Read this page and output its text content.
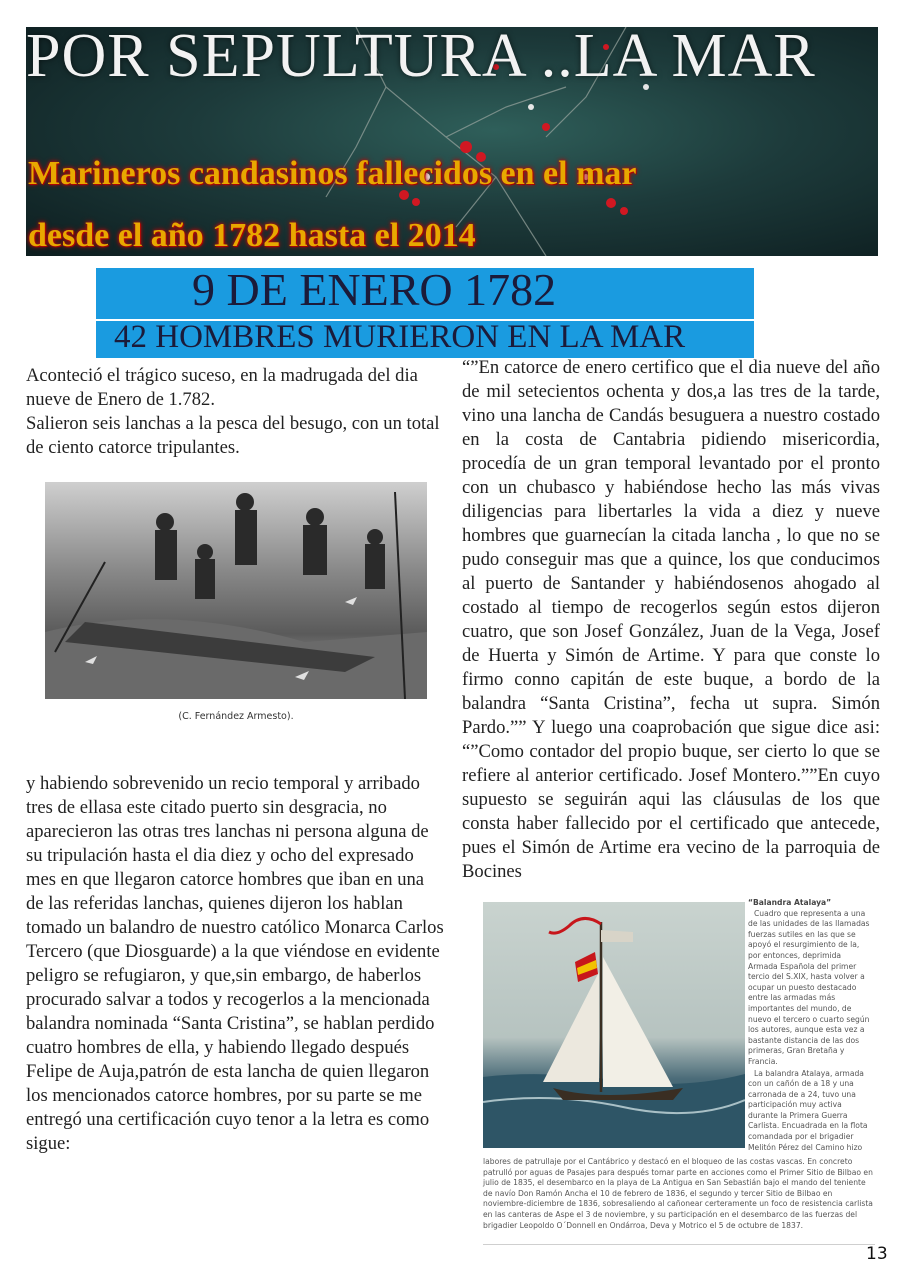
POR SEPULTURA ..LA MAR
Marineros candasinos fallecidos en el mar
desde el año 1782 hasta el 2014
9 DE ENERO 1782
42 HOMBRES MURIERON EN LA MAR

Aconteció el trágico suceso, en la madrugada del dia nueve de Enero de 1.782.

Salieron seis lanchas a la pesca del besugo, con un total de ciento catorce tripulantes.

(C. Fernández Armesto).

y habiendo sobrevenido un recio temporal y arribado tres de ellasa este citado puerto sin desgracia, no aparecieron las otras tres lanchas ni persona alguna de su tripulación hasta el dia diez y ocho del expresado mes en que llegaron catorce hombres que iban en una de las referidas lanchas, quienes dijeron los hablan tomado un balandro de nuestro católico Monarca Carlos Tercero (que Diosguarde) a la que viéndose en evidente peligro se refugiaron, y que,sin embargo, de haberlos procurado salvar a todos y recogerlos a la mencionada balandra nominada “Santa Cristina”, se hablan perdido cuatro hombres de ella, y habiendo llegado después Felipe de Auja,patrón de esta lancha de quien llegaron los mencionados catorce hombres, por su parte se me entregó una certificación cuyo tenor a la letra es como sigue:

“”En catorce de enero certifico que el dia nueve del año de mil setecientos ochenta y dos,a las tres de la tarde, vino una lancha de Candás besuguera a nuestro costado en la costa de Cantabria pidiendo misericordia, procedía de un gran temporal levantado por el pronto con un chubasco y habiéndose hecho las más vivas diligencias para libertarles la vida a diez y nueve hombres que guarnecían la citada lancha , lo que no se pudo conseguir mas que a quince, los que conducimos al puerto de Santander y habiéndosenos ahogado al costado al tiempo de recogerlos según estos dijeron cuatro, que son Josef González, Juan de la Vega, Josef de Huerta y Simón de Artime. Y para que conste lo firmo conno capitán de este buque, a bordo de la balandra “Santa Cristina”, fecha ut supra. Simón Pardo.”” Y luego una coaprobación que sigue dice asi: “”Como contador del propio buque, ser cierto lo que se refiere al anterior certificado. Josef Montero.””En cuyo supuesto se seguirán aqui las cláusulas de los que consta haber fallecido por el certificado que antecede, pues el Simón de Artime era vecino de la parroquia de Bocines

“Balandra Atalaya”

Cuadro que representa a una de las unidades de las llamadas fuerzas sutiles en las que se apoyó el resurgimiento de la, por entonces, deprimida Armada Española del primer tercio del S.XIX, hasta volver a ocupar un puesto destacado entre las armadas más importantes del mundo, de nuevo el tercero o cuarto según los autores, aunque esta vez a bastante distancia de las dos primeras, Gran Bretaña y Francia.

La balandra Atalaya, armada con un cañón de a 18 y una carronada de a 24, tuvo una participación muy activa durante la Primera Guerra Carlista. Encuadrada en la flota comandada por el brigadier Melitón Pérez del Camino hizo

labores de patrullaje por el Cantábrico y destacó en el bloqueo de las costas vascas. En concreto patrulló por aguas de Pasajes para después tomar parte en acciones como el Primer Sitio de Bilbao en julio de 1835, el desembarco en la playa de La Antigua en San Sebastián bajo el mando del teniente de navío Don Ramón Ancha el 10 de febrero de 1836, el segundo y tercer Sitio de Bilbao en noviembre-diciembre de 1836, sobresaliendo al cañonear certeramente un foco de resistencia carlista en las canteras de Aspe el 3 de noviembre, y su participación en el desembarco de las fuerzas del brigadier Leopoldo O´Donnell en Ondárroa, Deva y Motrico el 5 de octubre de 1837.

13
